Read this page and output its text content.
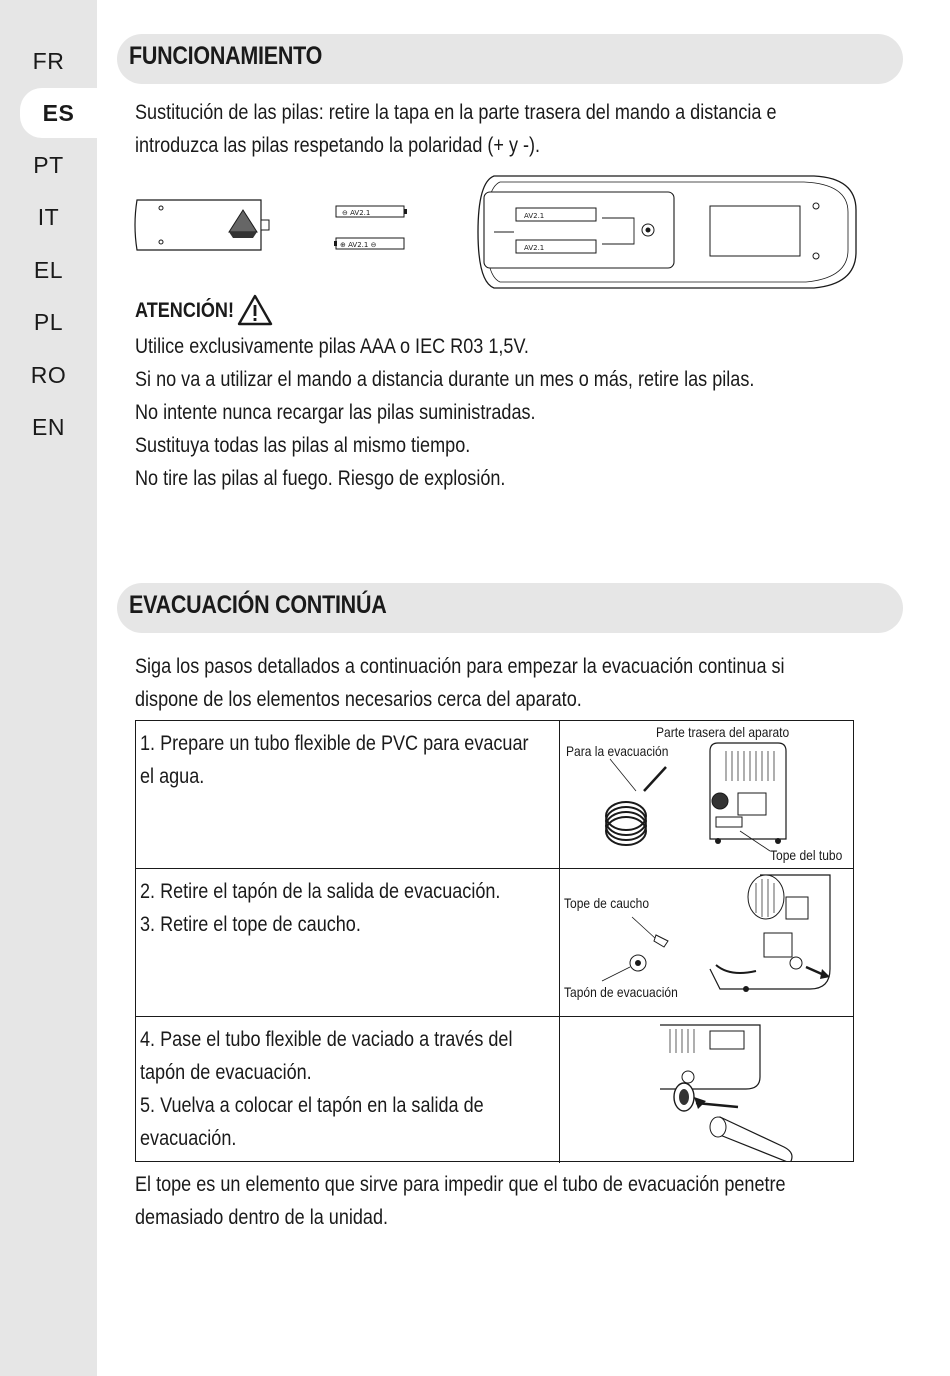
FR
ES
PT
IT
EL
PL
RO
EN
FUNCIONAMIENTO
Sustitución de las pilas: retire la tapa en la parte trasera del mando a distancia e
introduzca las pilas respetando la polaridad (+ y -).
⊖ AV2.1
⊕ AV2.1 ⊖
AV2.1
AV2.1
ATENCIÓN!
Utilice exclusivamente pilas AAA o IEC R03 1,5V.
Si no va a utilizar el mando a distancia durante un mes o más, retire las pilas.
No intente nunca recargar las pilas suministradas.
Sustituya todas las pilas al mismo tiempo.
No tire las pilas al fuego. Riesgo de explosión.
EVACUACIÓN CONTINÚA
Siga los pasos detallados a continuación para empezar la evacuación continua si
dispone de los elementos necesarios cerca del aparato.
1. Prepare un tubo flexible de PVC para evacuar
el agua.
Parte trasera del aparato
Para la evacuación
Tope del tubo
2. Retire el tapón de la salida de evacuación.
3. Retire el tope de caucho.
Tope de caucho
Tapón de evacuación
4. Pase el tubo flexible de vaciado a través del
tapón de evacuación.
5. Vuelva a colocar el tapón en la salida de
evacuación.
El tope es un elemento que sirve para impedir que el tubo de evacuación penetre
demasiado dentro de la unidad.
